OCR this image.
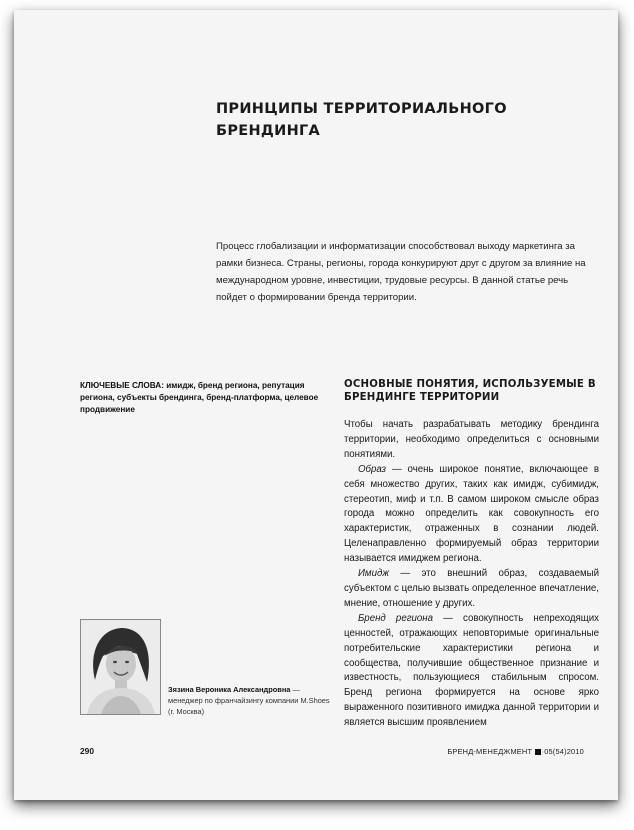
ПРИНЦИПЫ ТЕРРИТОРИАЛЬНОГО БРЕНДИНГА

Процесс глобализации и информатизации способствовал выходу маркетинга за рамки бизнеса. Страны, регионы, города конкурируют друг с другом за влияние на международном уровне, инвестиции, трудовые ресурсы. В данной статье речь пойдет о формировании бренда территории.

КЛЮЧЕВЫЕ СЛОВА: имидж, бренд региона, репутация региона, субъекты брендинга, бренд-платформа, целевое продвижение

ОСНОВНЫЕ ПОНЯТИЯ, ИСПОЛЬЗУЕМЫЕ В БРЕНДИНГЕ ТЕРРИТОРИИ

Чтобы начать разрабатывать методику брендинга территории, необходимо определиться с основными понятиями.

Образ — очень широкое понятие, включающее в себя множество других, таких как имидж, субимидж, стереотип, миф и т.п. В самом широком смысле образ города можно определить как совокупность его характеристик, отраженных в сознании людей. Целенаправленно формируемый образ территории называется имиджем региона.

Имидж — это внешний образ, создаваемый субъектом с целью вызвать определенное впечатление, мнение, отношение у других.

Бренд региона — совокупность непреходящих ценностей, отражающих неповторимые оригинальные потребительские характеристики региона и сообщества, получившие общественное признание и известность, пользующиеся стабильным спросом. Бренд региона формируется на основе ярко выраженного позитивного имиджа данной территории и является высшим проявлением

Зязина Вероника Александровна — менеджер по франчайзингу компании M.Shoes (г. Москва)

290	БРЕНД-МЕНЕДЖМЕНТ 05(54)2010
